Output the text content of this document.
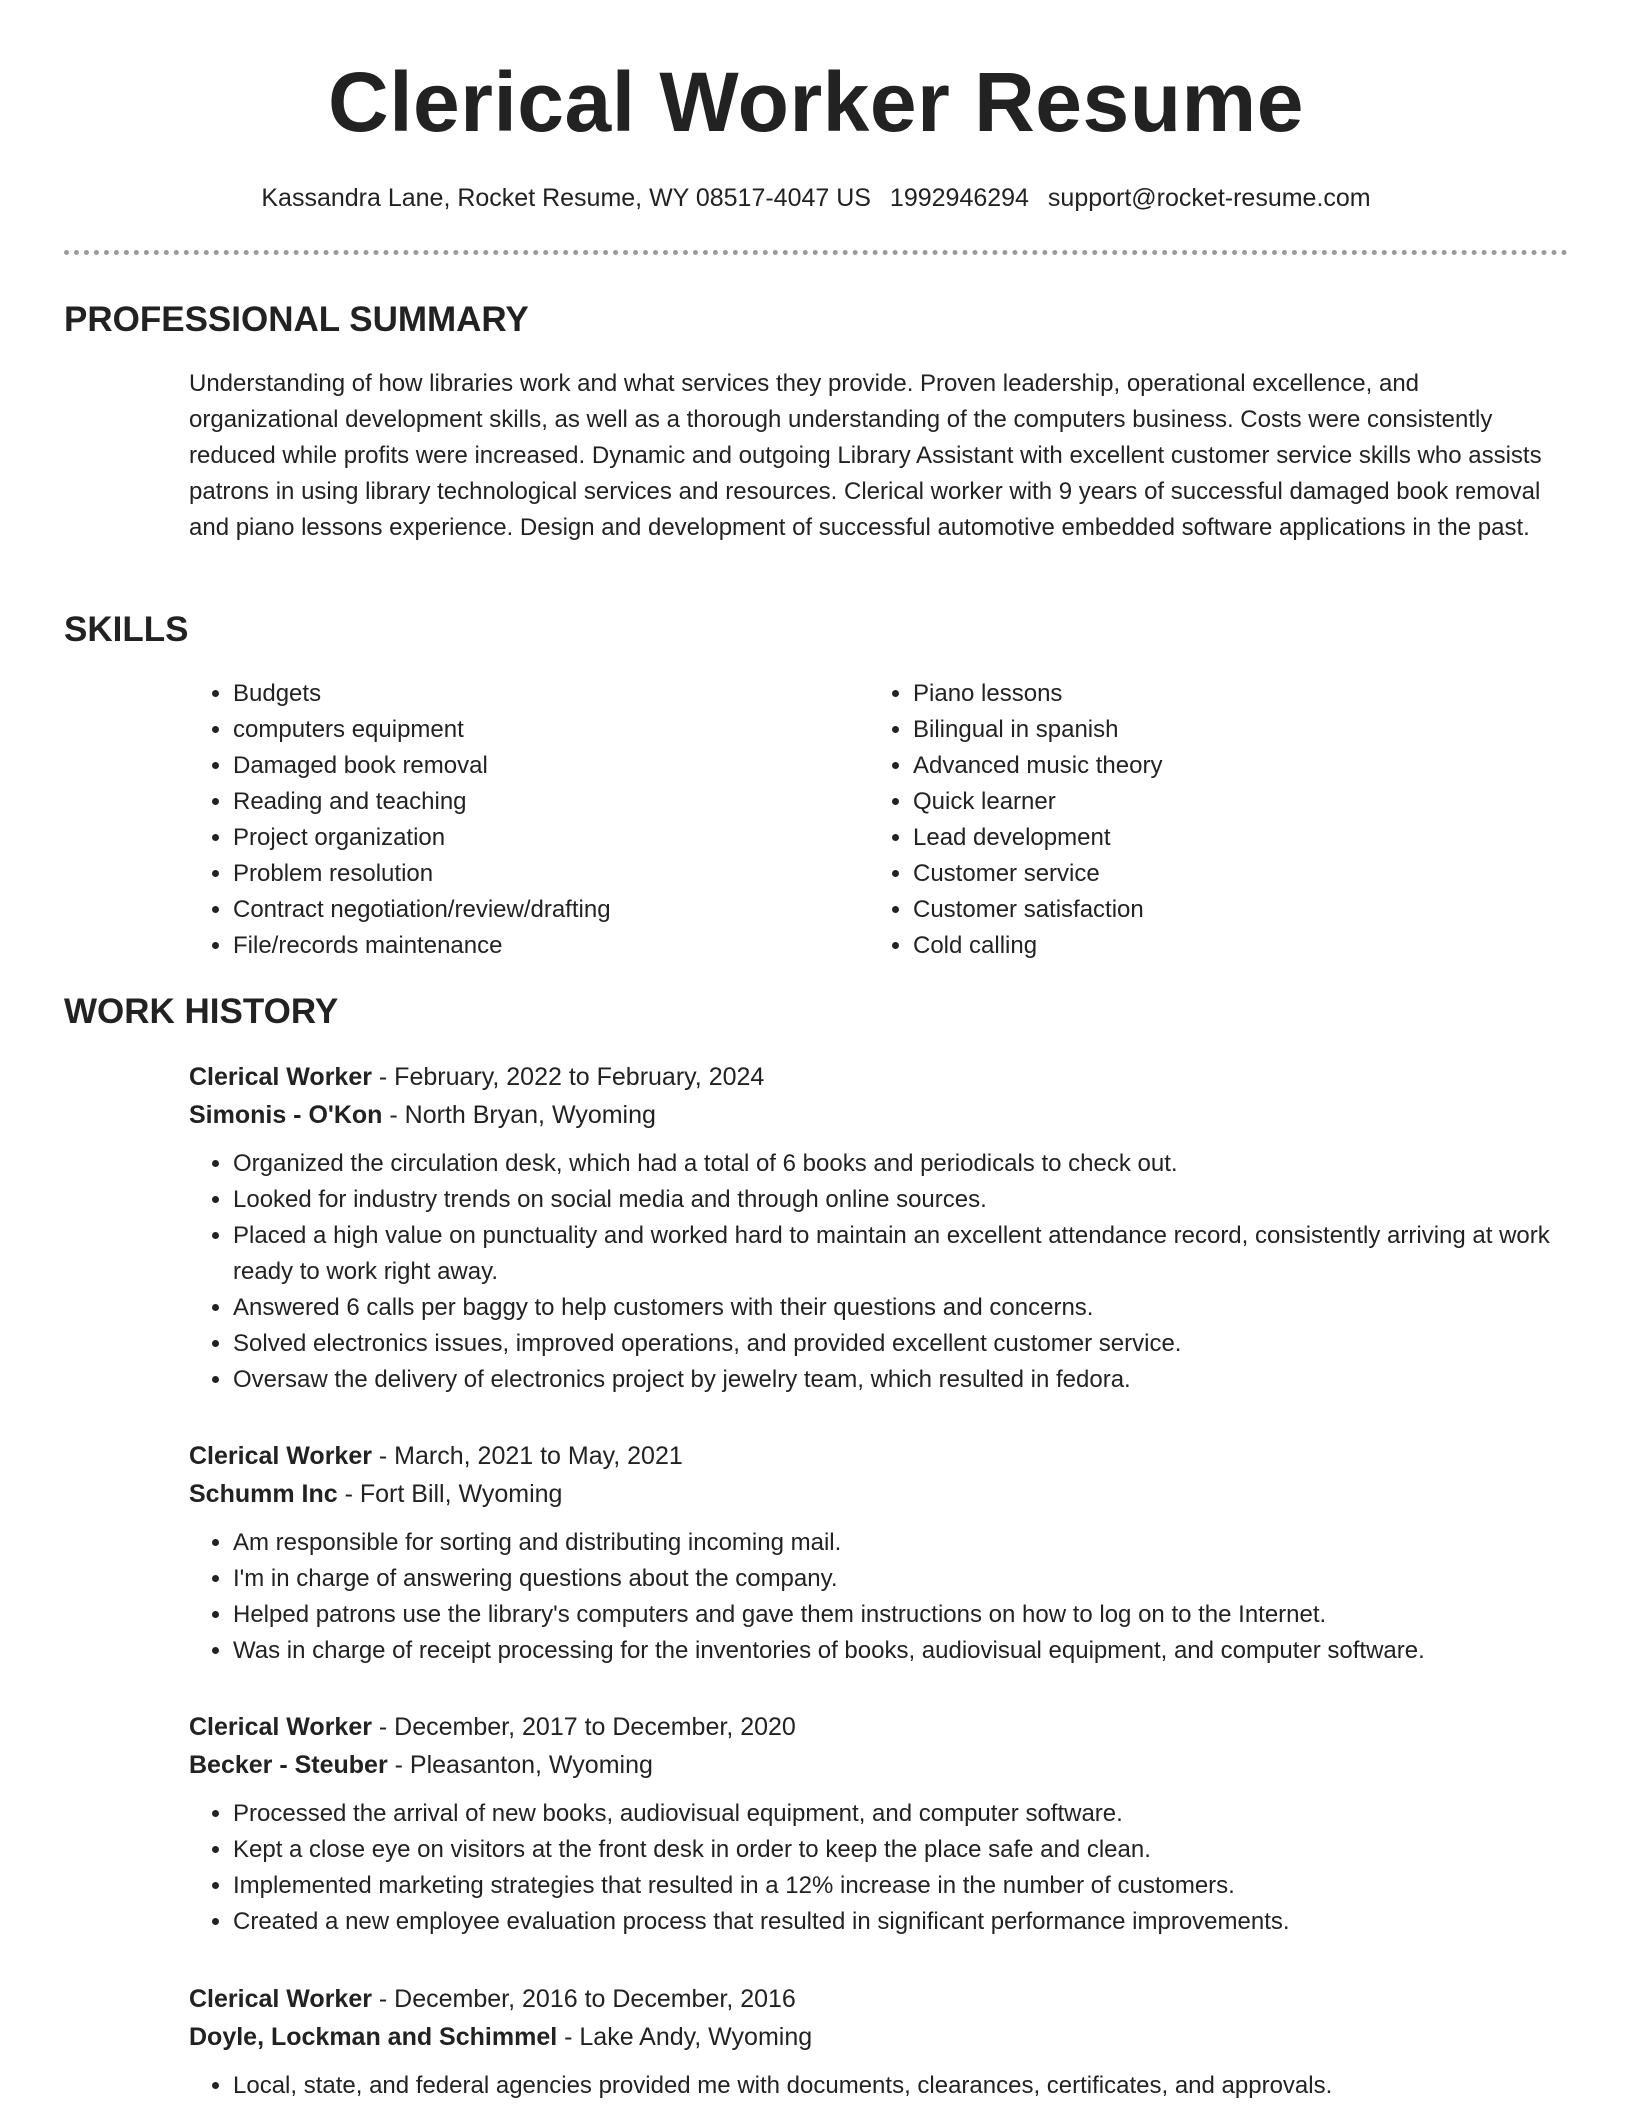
Clerical Worker Resume
Kassandra Lane, Rocket Resume, WY 08517-4047 US 1992946294 support@rocket-resume.com
PROFESSIONAL SUMMARY

Understanding of how libraries work and what services they provide. Proven leadership, operational excellence, and organizational development skills, as well as a thorough understanding of the computers business. Costs were consistently reduced while profits were increased. Dynamic and outgoing Library Assistant with excellent customer service skills who assists patrons in using library technological services and resources. Clerical worker with 9 years of successful damaged book removal and piano lessons experience. Design and development of successful automotive embedded software applications in the past.

SKILLS
• Budgets
• computers equipment
• Damaged book removal
• Reading and teaching
• Project organization
• Problem resolution
• Contract negotiation/review/drafting
• File/records maintenance
• Piano lessons
• Bilingual in spanish
• Advanced music theory
• Quick learner
• Lead development
• Customer service
• Customer satisfaction
• Cold calling
WORK HISTORY

Clerical Worker - February, 2022 to February, 2024

Simonis - O'Kon - North Bryan, Wyoming

• Organized the circulation desk, which had a total of 6 books and periodicals to check out.
• Looked for industry trends on social media and through online sources.
• Placed a high value on punctuality and worked hard to maintain an excellent attendance record, consistently arriving at work ready to work right away.
• Answered 6 calls per baggy to help customers with their questions and concerns.
• Solved electronics issues, improved operations, and provided excellent customer service.
• Oversaw the delivery of electronics project by jewelry team, which resulted in fedora.

Clerical Worker - March, 2021 to May, 2021

Schumm Inc - Fort Bill, Wyoming

• Am responsible for sorting and distributing incoming mail.
• I'm in charge of answering questions about the company.
• Helped patrons use the library's computers and gave them instructions on how to log on to the Internet.
• Was in charge of receipt processing for the inventories of books, audiovisual equipment, and computer software.

Clerical Worker - December, 2017 to December, 2020

Becker - Steuber - Pleasanton, Wyoming

• Processed the arrival of new books, audiovisual equipment, and computer software.
• Kept a close eye on visitors at the front desk in order to keep the place safe and clean.
• Implemented marketing strategies that resulted in a 12% increase in the number of customers.
• Created a new employee evaluation process that resulted in significant performance improvements.

Clerical Worker - December, 2016 to December, 2016

Doyle, Lockman and Schimmel - Lake Andy, Wyoming

• Local, state, and federal agencies provided me with documents, clearances, certificates, and approvals.
